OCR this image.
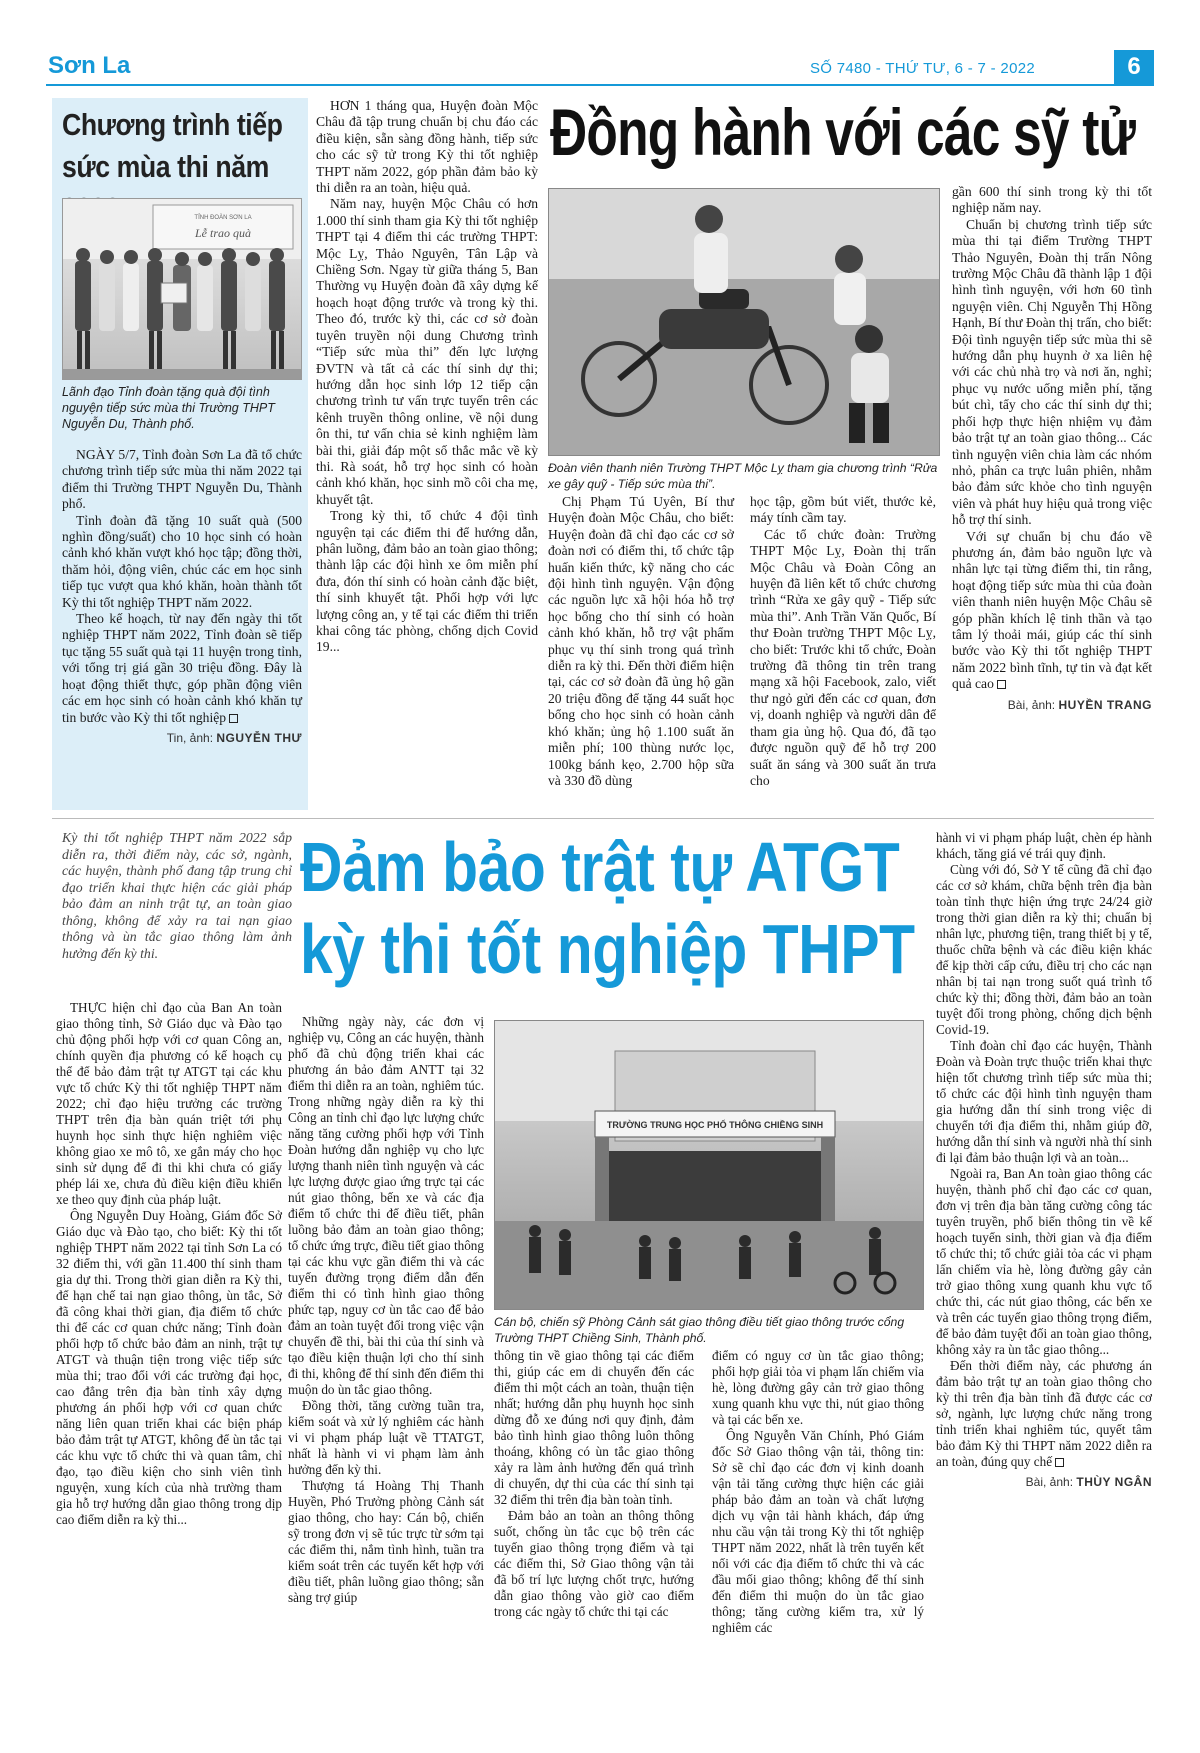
Sơn La	SỐ 7480 - THỨ TƯ, 6 - 7 - 2022	6
Chương trình tiếp sức mùa thi năm
TỈNH ĐOÀN SƠN LA
Lễ trao quà
Lãnh đạo Tỉnh đoàn tặng quà đội tình nguyện tiếp sức mùa thi Trường THPT Nguyễn Du, Thành phố.

NGÀY 5/7, Tỉnh đoàn Sơn La đã tổ chức chương trình tiếp sức mùa thi năm 2022 tại điểm thi Trường THPT Nguyễn Du, Thành phố.

Tỉnh đoàn đã tặng 10 suất quà (500 nghìn đồng/suất) cho 10 học sinh có hoàn cảnh khó khăn vượt khó học tập; đồng thời, thăm hỏi, động viên, chúc các em học sinh tiếp tục vượt qua khó khăn, hoàn thành tốt Kỳ thi tốt nghiệp THPT năm 2022.

Theo kế hoạch, từ nay đến ngày thi tốt nghiệp THPT năm 2022, Tỉnh đoàn sẽ tiếp tục tặng 55 suất quà tại 11 huyện trong tỉnh, với tổng trị giá gần 30 triệu đồng. Đây là hoạt động thiết thực, góp phần động viên các em học sinh có hoàn cảnh khó khăn tự tin bước vào Kỳ thi tốt nghiệp

Tin, ảnh: NGUYỄN THƯ
Đồng hành với các sỹ tử

HƠN 1 tháng qua, Huyện đoàn Mộc Châu đã tập trung chuẩn bị chu đáo các điều kiện, sẵn sàng đồng hành, tiếp sức cho các sỹ tử trong Kỳ thi tốt nghiệp THPT năm 2022, góp phần đảm bảo kỳ thi diễn ra an toàn, hiệu quả.

Năm nay, huyện Mộc Châu có hơn 1.000 thí sinh tham gia Kỳ thi tốt nghiệp THPT tại 4 điểm thi các trường THPT: Mộc Lỵ, Thảo Nguyên, Tân Lập và Chiềng Sơn. Ngay từ giữa tháng 5, Ban Thường vụ Huyện đoàn đã xây dựng kế hoạch hoạt động trước và trong kỳ thi. Theo đó, trước kỳ thi, các cơ sở đoàn tuyên truyền nội dung Chương trình “Tiếp sức mùa thi” đến lực lượng ĐVTN và tất cả các thí sinh dự thi; hướng dẫn học sinh lớp 12 tiếp cận chương trình tư vấn trực tuyến trên các kênh truyền thông online, về nội dung ôn thi, tư vấn chia sẻ kinh nghiệm làm bài thi, giải đáp một số thắc mắc về kỳ thi. Rà soát, hỗ trợ học sinh có hoàn cảnh khó khăn, học sinh mồ côi cha mẹ, khuyết tật.

Trong kỳ thi, tổ chức 4 đội tình nguyện tại các điểm thi để hướng dẫn, phân luồng, đảm bảo an toàn giao thông; thành lập các đội hình xe ôm miễn phí đưa, đón thí sinh có hoàn cảnh đặc biệt, thí sinh khuyết tật. Phối hợp với lực lượng công an, y tế tại các điểm thi triển khai công tác phòng, chống dịch Covid 19...

Đoàn viên thanh niên Trường THPT Mộc Lỵ tham gia chương trình “Rửa xe gây quỹ - Tiếp sức mùa thi”.

Chị Phạm Tú Uyên, Bí thư Huyện đoàn Mộc Châu, cho biết: Huyện đoàn đã chỉ đạo các cơ sở đoàn nơi có điểm thi, tổ chức tập huấn kiến thức, kỹ năng cho các đội hình tình nguyện. Vận động các nguồn lực xã hội hóa hỗ trợ học bổng cho thí sinh có hoàn cảnh khó khăn, hỗ trợ vật phẩm phục vụ thí sinh trong quá trình diễn ra kỳ thi. Đến thời điểm hiện tại, các cơ sở đoàn đã ủng hộ gần 20 triệu đồng để tặng 44 suất học bổng cho học sinh có hoàn cảnh khó khăn; ủng hộ 1.100 suất ăn miễn phí; 100 thùng nước lọc, 100kg bánh kẹo, 2.700 hộp sữa và 330 đồ dùng

học tập, gồm bút viết, thước kẻ, máy tính cầm tay.

Các tổ chức đoàn: Trường THPT Mộc Lỵ, Đoàn thị trấn Mộc Châu và Đoàn Công an huyện đã liên kết tổ chức chương trình “Rửa xe gây quỹ - Tiếp sức mùa thi”. Anh Trần Văn Quốc, Bí thư Đoàn trường THPT Mộc Lỵ, cho biết: Trước khi tổ chức, Đoàn trường đã thông tin trên trang mạng xã hội Facebook, zalo, viết thư ngỏ gửi đến các cơ quan, đơn vị, doanh nghiệp và người dân để tham gia ủng hộ. Qua đó, đã tạo được nguồn quỹ để hỗ trợ 200 suất ăn sáng và 300 suất ăn trưa cho

gần 600 thí sinh trong kỳ thi tốt nghiệp năm nay.

Chuẩn bị chương trình tiếp sức mùa thi tại điểm Trường THPT Thảo Nguyên, Đoàn thị trấn Nông trường Mộc Châu đã thành lập 1 đội hình tình nguyện, với hơn 60 tình nguyện viên. Chị Nguyễn Thị Hồng Hạnh, Bí thư Đoàn thị trấn, cho biết: Đội tình nguyện tiếp sức mùa thi sẽ hướng dẫn phụ huynh ở xa liên hệ với các chủ nhà trọ và nơi ăn, nghỉ; phục vụ nước uống miễn phí, tặng bút chì, tẩy cho các thí sinh dự thi; phối hợp thực hiện nhiệm vụ đảm bảo trật tự an toàn giao thông... Các tình nguyện viên chia làm các nhóm nhỏ, phân ca trực luân phiên, nhằm bảo đảm sức khỏe cho tình nguyện viên và phát huy hiệu quả trong việc hỗ trợ thí sinh.

Với sự chuẩn bị chu đáo về phương án, đảm bảo nguồn lực và nhân lực tại từng điểm thi, tin rằng, hoạt động tiếp sức mùa thi của đoàn viên thanh niên huyện Mộc Châu sẽ góp phần khích lệ tinh thần và tạo tâm lý thoải mái, giúp các thí sinh bước vào Kỳ thi tốt nghiệp THPT năm 2022 bình tĩnh, tự tin và đạt kết quả cao

Bài, ảnh: HUYỀN TRANG
Kỳ thi tốt nghiệp THPT năm 2022 sắp diễn ra, thời điểm này, các sở, ngành, các huyện, thành phố đang tập trung chỉ đạo triển khai thực hiện các giải pháp bảo đảm an ninh trật tự, an toàn giao thông, không để xảy ra tai nạn giao thông và ùn tắc giao thông làm ảnh hưởng đến kỳ thi.
Đảm bảo trật tự ATGT
kỳ thi tốt nghiệp THPT

THỰC hiện chỉ đạo của Ban An toàn giao thông tỉnh, Sở Giáo dục và Đào tạo chủ động phối hợp với cơ quan Công an, chính quyền địa phương có kế hoạch cụ thể để bảo đảm trật tự ATGT tại các khu vực tổ chức Kỳ thi tốt nghiệp THPT năm 2022; chỉ đạo hiệu trưởng các trường THPT trên địa bàn quán triệt tới phụ huynh học sinh thực hiện nghiêm việc không giao xe mô tô, xe gắn máy cho học sinh sử dụng để đi thi khi chưa có giấy phép lái xe, chưa đủ điều kiện điều khiển xe theo quy định của pháp luật.

Ông Nguyễn Duy Hoàng, Giám đốc Sở Giáo dục và Đào tạo, cho biết: Kỳ thi tốt nghiệp THPT năm 2022 tại tỉnh Sơn La có 32 điểm thi, với gần 11.400 thí sinh tham gia dự thi. Trong thời gian diễn ra Kỳ thi, để hạn chế tai nạn giao thông, ùn tắc, Sở đã công khai thời gian, địa điểm tổ chức thi để các cơ quan chức năng; Tỉnh đoàn phối hợp tổ chức bảo đảm an ninh, trật tự ATGT và thuận tiện trong việc tiếp sức mùa thi; trao đổi với các trường đại học, cao đẳng trên địa bàn tỉnh xây dựng phương án phối hợp với cơ quan chức năng liên quan triển khai các biện pháp bảo đảm trật tự ATGT, không để ùn tắc tại các khu vực tổ chức thi và quan tâm, chỉ đạo, tạo điều kiện cho sinh viên tình nguyện, xung kích của nhà trường tham gia hỗ trợ hướng dẫn giao thông trong dịp cao điểm diễn ra kỳ thi...

Những ngày này, các đơn vị nghiệp vụ, Công an các huyện, thành phố đã chủ động triển khai các phương án bảo đảm ANTT tại 32 điểm thi diễn ra an toàn, nghiêm túc. Trong những ngày diễn ra kỳ thi Công an tỉnh chỉ đạo lực lượng chức năng tăng cường phối hợp với Tỉnh Đoàn hướng dẫn nghiệp vụ cho lực lượng thanh niên tình nguyện và các lực lượng được giao ứng trực tại các nút giao thông, bến xe và các địa điểm tổ chức thi để điều tiết, phân luồng bảo đảm an toàn giao thông; tổ chức ứng trực, điều tiết giao thông tại các khu vực gần điểm thi và các tuyến đường trọng điểm dẫn đến điểm thi có tình hình giao thông phức tạp, nguy cơ ùn tắc cao để bảo đảm an toàn tuyệt đối trong việc vận chuyển đề thi, bài thi của thí sinh và tạo điều kiện thuận lợi cho thí sinh đi thi, không để thí sinh đến điểm thi muộn do ùn tắc giao thông.

Đồng thời, tăng cường tuần tra, kiểm soát và xử lý nghiêm các hành vi vi phạm pháp luật về TTATGT, nhất là hành vi vi phạm làm ảnh hưởng đến kỳ thi.

Thượng tá Hoàng Thị Thanh Huyền, Phó Trưởng phòng Cảnh sát giao thông, cho hay: Cán bộ, chiến sỹ trong đơn vị sẽ túc trực từ sớm tại các điểm thi, nắm tình hình, tuần tra kiểm soát trên các tuyến kết hợp với điều tiết, phân luồng giao thông; sẵn sàng trợ giúp

TRƯỜNG TRUNG HỌC PHỔ THÔNG CHIỀNG SINH
Cán bộ, chiến sỹ Phòng Cảnh sát giao thông điều tiết giao thông trước cổng Trường THPT Chiềng Sinh, Thành phố.

thông tin về giao thông tại các điểm thi, giúp các em di chuyển đến các điểm thi một cách an toàn, thuận tiện nhất; hướng dẫn phụ huynh học sinh dừng đỗ xe đúng nơi quy định, đảm bảo tình hình giao thông luôn thông thoáng, không có ùn tắc giao thông xảy ra làm ảnh hưởng đến quá trình di chuyển, dự thi của các thí sinh tại 32 điểm thi trên địa bàn toàn tỉnh.

Đảm bảo an toàn an thông thông suốt, chống ùn tắc cục bộ trên các tuyến giao thông trọng điểm và tại các điểm thi, Sở Giao thông vận tải đã bố trí lực lượng chốt trực, hướng dẫn giao thông vào giờ cao điểm trong các ngày tổ chức thi tại các

điểm có nguy cơ ùn tắc giao thông; phối hợp giải tỏa vi phạm lấn chiếm vỉa hè, lòng đường gây cản trở giao thông xung quanh khu vực thi, nút giao thông và tại các bến xe.

Ông Nguyễn Văn Chính, Phó Giám đốc Sở Giao thông vận tải, thông tin: Sở sẽ chỉ đạo các đơn vị kinh doanh vận tải tăng cường thực hiện các giải pháp bảo đảm an toàn và chất lượng dịch vụ vận tải hành khách, đáp ứng nhu cầu vận tải trong Kỳ thi tốt nghiệp THPT năm 2022, nhất là trên tuyến kết nối với các địa điểm tổ chức thi và các đầu mối giao thông; không để thí sinh đến điểm thi muộn do ùn tắc giao thông; tăng cường kiểm tra, xử lý nghiêm các

hành vi vi phạm pháp luật, chèn ép hành khách, tăng giá vé trái quy định.

Cùng với đó, Sở Y tế cũng đã chỉ đạo các cơ sở khám, chữa bệnh trên địa bàn toàn tỉnh thực hiện ứng trực 24/24 giờ trong thời gian diễn ra kỳ thi; chuẩn bị nhân lực, phương tiện, trang thiết bị y tế, thuốc chữa bệnh và các điều kiện khác để kịp thời cấp cứu, điều trị cho các nạn nhân bị tai nạn trong suốt quá trình tổ chức kỳ thi; đồng thời, đảm bảo an toàn tuyệt đối trong phòng, chống dịch bệnh Covid-19.

Tỉnh đoàn chỉ đạo các huyện, Thành Đoàn và Đoàn trực thuộc triển khai thực hiện tốt chương trình tiếp sức mùa thi; tổ chức các đội hình tình nguyện tham gia hướng dẫn thí sinh trong việc di chuyển tới địa điểm thi, nhằm giúp đỡ, hướng dẫn thí sinh và người nhà thí sinh đi lại đảm bảo thuận lợi và an toàn...

Ngoài ra, Ban An toàn giao thông các huyện, thành phố chỉ đạo các cơ quan, đơn vị trên địa bàn tăng cường công tác tuyên truyền, phổ biến thông tin về kế hoạch tuyển sinh, thời gian và địa điểm tổ chức thi; tổ chức giải tỏa các vi phạm lấn chiếm vỉa hè, lòng đường gây cản trở giao thông xung quanh khu vực tổ chức thi, các nút giao thông, các bến xe và trên các tuyến giao thông trọng điểm, để bảo đảm tuyệt đối an toàn giao thông, không xảy ra ùn tắc giao thông...

Đến thời điểm này, các phương án đảm bảo trật tự an toàn giao thông cho kỳ thi trên địa bàn tỉnh đã được các cơ sở, ngành, lực lượng chức năng trong tỉnh triển khai nghiêm túc, quyết tâm bảo đảm Kỳ thi THPT năm 2022 diễn ra an toàn, đúng quy chế

Bài, ảnh: THÙY NGÂN
